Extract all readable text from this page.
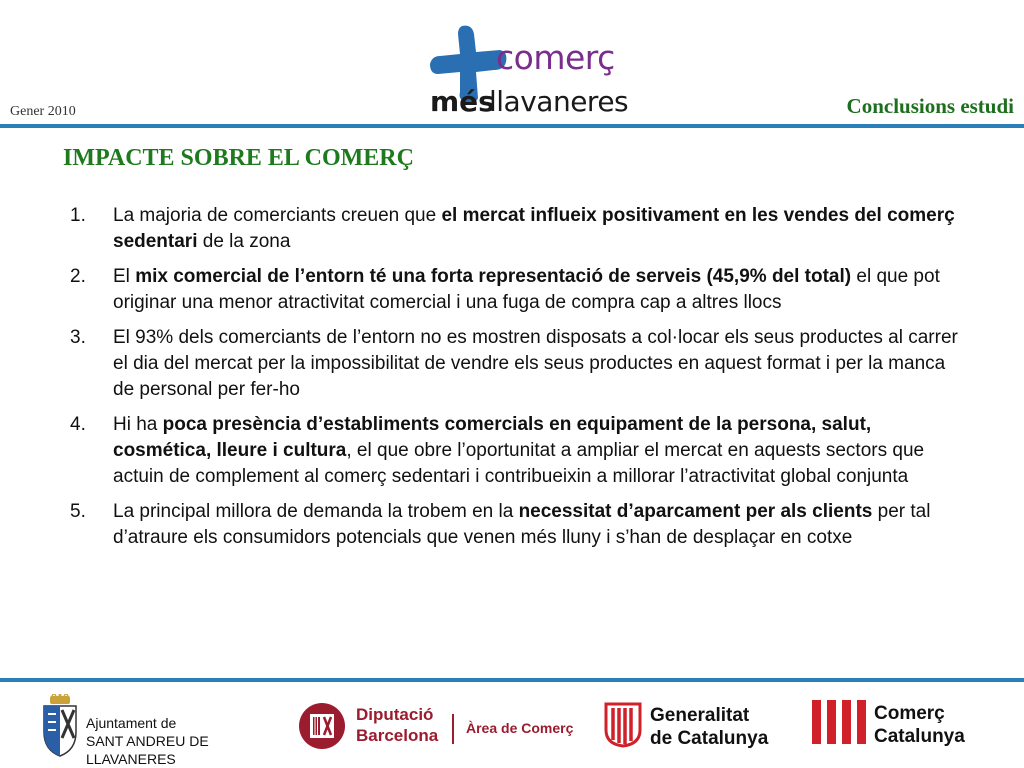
Gener 2010
comerç
més
llavaneres	Conclusions estudi
IMPACTE SOBRE EL COMERÇ
1.	La majoria de comerciants creuen que el mercat influeix positivament en les vendes del comerç sedentari de la zona
2.	El mix comercial de l’entorn té una forta representació de serveis (45,9% del total) el que pot originar una menor atractivitat comercial i una fuga de compra cap a altres llocs
3.	El 93% dels comerciants de l’entorn no es mostren disposats a col·locar els seus productes al carrer el dia del mercat per la impossibilitat de vendre els seus productes en aquest format i per la manca de personal per fer-ho
4.	Hi ha poca presència d’establiments comercials en equipament de la persona, salut, cosmética, lleure i cultura, el que obre l’oportunitat a ampliar el mercat en aquests sectors que actuin de complement al comerç sedentari i contribueixin a millorar l’atractivitat global conjunta
5.	La principal millora de demanda la trobem en la necessitat d’aparcament per als clients per tal d’atraure els consumidors potencials que venen més lluny i s’han de desplaçar en cotxe
Ajuntament de
SANT ANDREU DE LLAVANERES
Diputació
Barcelona Àrea de Comerç
Generalitat
de Catalunya
Comerç
Catalunya
